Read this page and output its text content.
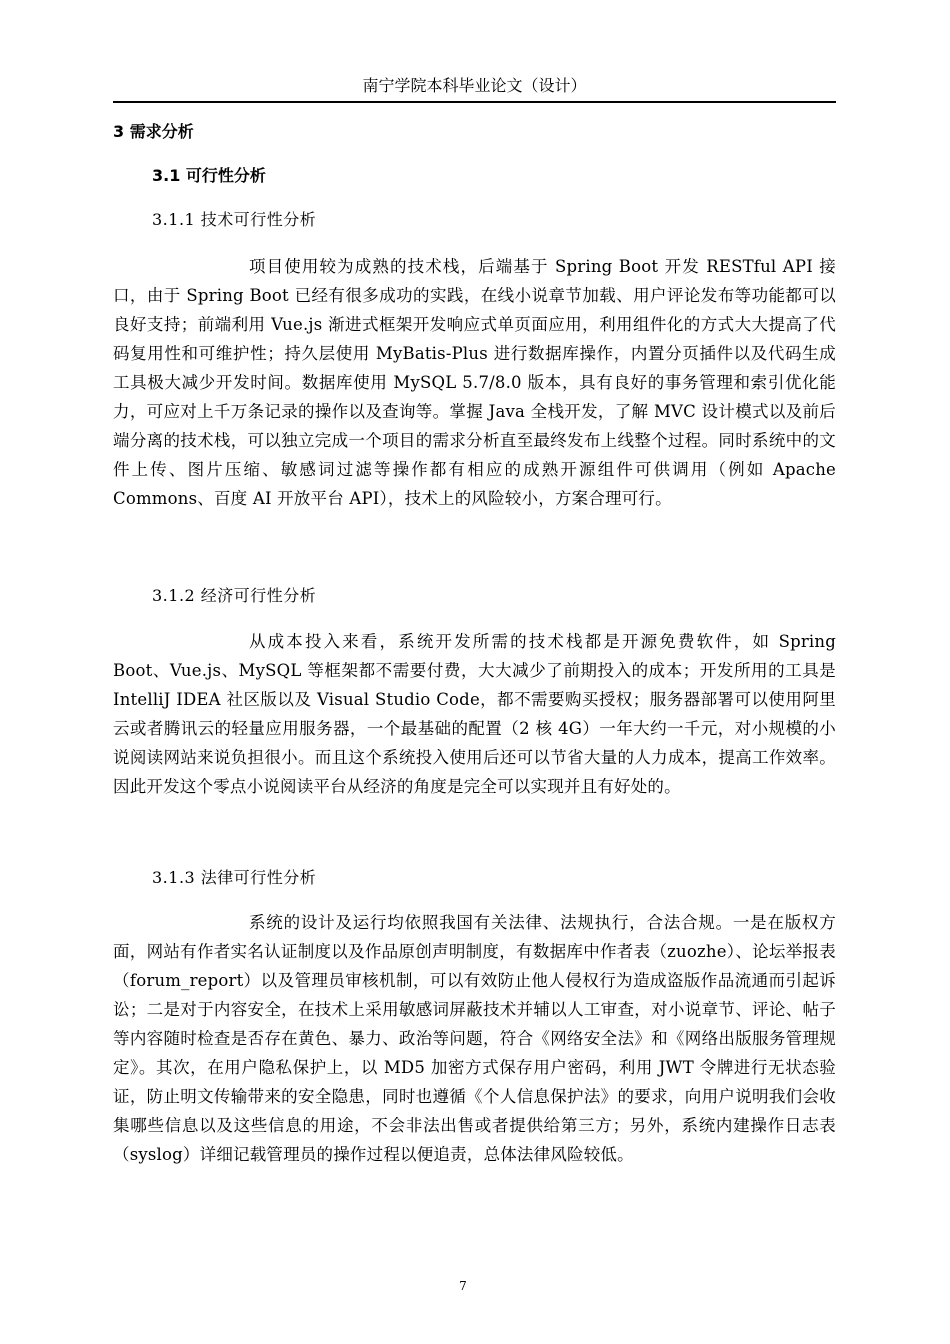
南宁学院本科毕业论文（设计）
3 需求分析
3.1 可行性分析
3.1.1 技术可行性分析
项目使用较为成熟的技术栈，后端基于 Spring Boot 开发 RESTful API 接口，由于 Spring Boot 已经有很多成功的实践，在线小说章节加载、用户评论发布等功能都可以良好支持；前端利用 Vue.js 渐进式框架开发响应式单页面应用，利用组件化的方式大大提高了代码复用性和可维护性；持久层使用 MyBatis-Plus 进行数据库操作，内置分页插件以及代码生成工具极大减少开发时间。数据库使用 MySQL 5.7/8.0 版本，具有良好的事务管理和索引优化能力，可应对上千万条记录的操作以及查询等。掌握 Java 全栈开发，了解 MVC 设计模式以及前后端分离的技术栈，可以独立完成一个项目的需求分析直至最终发布上线整个过程。同时系统中的文件上传、图片压缩、敏感词过滤等操作都有相应的成熟开源组件可供调用（例如 Apache Commons、百度 AI 开放平台 API），技术上的风险较小，方案合理可行。
3.1.2 经济可行性分析
从成本投入来看，系统开发所需的技术栈都是开源免费软件，如 Spring Boot、Vue.js、MySQL 等框架都不需要付费，大大减少了前期投入的成本；开发所用的工具是 IntelliJ IDEA 社区版以及 Visual Studio Code，都不需要购买授权；服务器部署可以使用阿里云或者腾讯云的轻量应用服务器，一个最基础的配置（2 核 4G）一年大约一千元，对小规模的小说阅读网站来说负担很小。而且这个系统投入使用后还可以节省大量的人力成本，提高工作效率。因此开发这个零点小说阅读平台从经济的角度是完全可以实现并且有好处的。
3.1.3 法律可行性分析
系统的设计及运行均依照我国有关法律、法规执行，合法合规。一是在版权方面，网站有作者实名认证制度以及作品原创声明制度，有数据库中作者表（zuozhe）、论坛举报表（forum_report）以及管理员审核机制，可以有效防止他人侵权行为造成盗版作品流通而引起诉讼；二是对于内容安全，在技术上采用敏感词屏蔽技术并辅以人工审查，对小说章节、评论、帖子等内容随时检查是否存在黄色、暴力、政治等问题，符合《网络安全法》和《网络出版服务管理规定》。其次，在用户隐私保护上，以 MD5 加密方式保存用户密码，利用 JWT 令牌进行无状态验证，防止明文传输带来的安全隐患，同时也遵循《个人信息保护法》的要求，向用户说明我们会收集哪些信息以及这些信息的用途，不会非法出售或者提供给第三方；另外，系统内建操作日志表（syslog）详细记载管理员的操作过程以便追责，总体法律风险较低。
7
